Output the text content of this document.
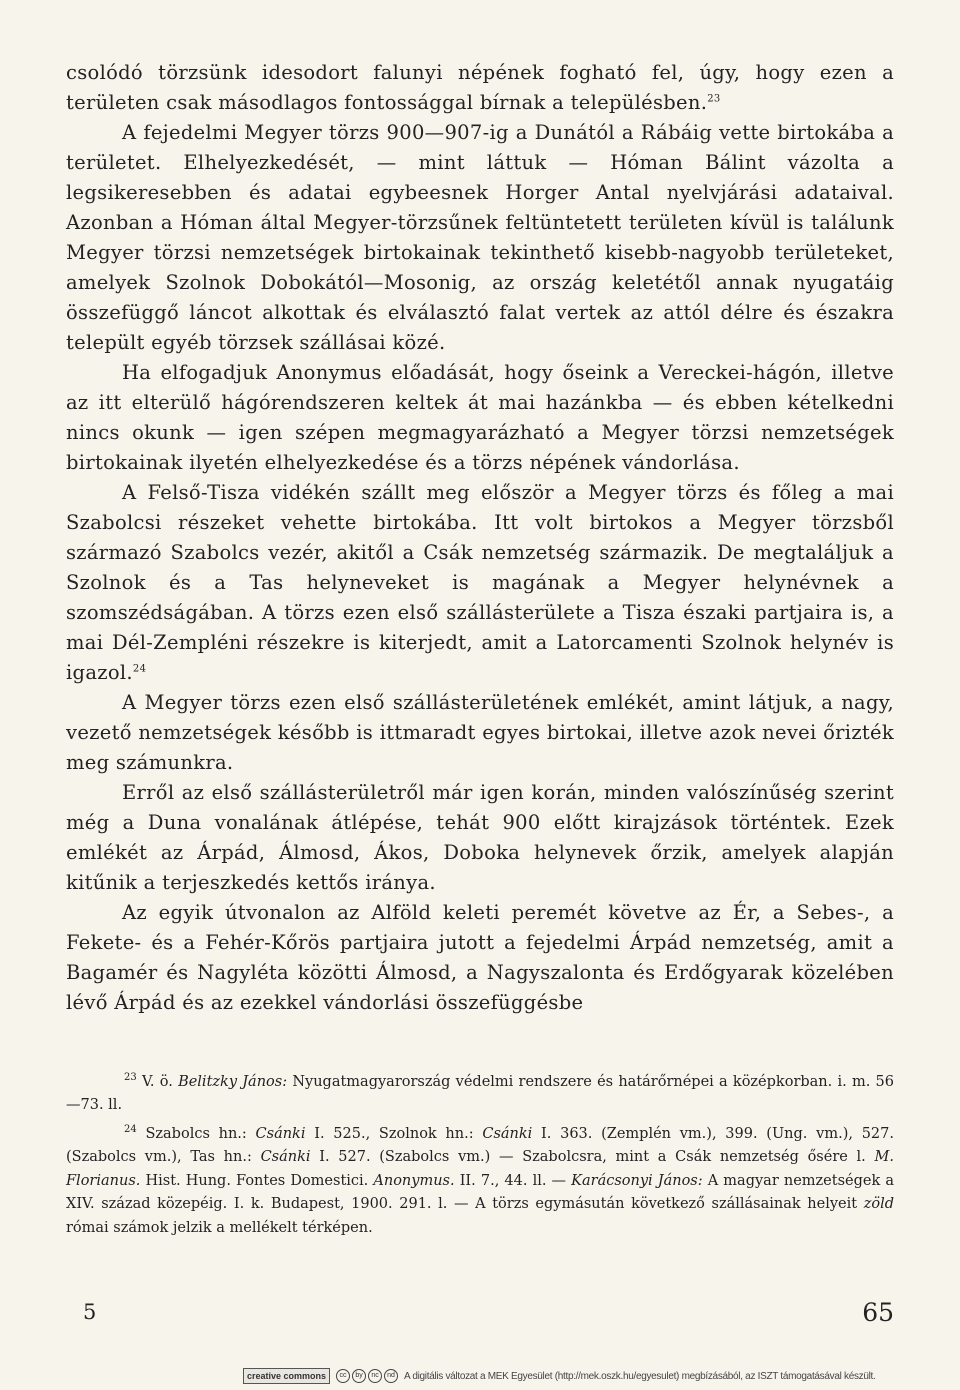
csolódó törzsünk idesodort falunyi népének fogható fel, úgy, hogy ezen a területen csak másodlagos fontossággal bírnak a településben.$^{23}$

A fejedelmi Megyer törzs 900—907-ig a Dunától a Rábáig vette birtokába a területet. Elhelyezkedését, — mint láttuk — Hóman Bálint vázolta a legsikeresebben és adatai egybeesnek Horger Antal nyelvjárási adataival. Azonban a Hóman által Megyer-törzsűnek feltüntetett területen kívül is találunk Megyer törzsi nemzetségek birtokainak tekinthető kisebb-nagyobb területeket, amelyek Szolnok Dobokától—Mosonig, az ország keletétől annak nyugatáig összefüggő láncot alkottak és elválasztó falat vertek az attól délre és északra települt egyéb törzsek szállásai közé.

Ha elfogadjuk Anonymus előadását, hogy őseink a Vereckei-hágón, illetve az itt elterülő hágórendszeren keltek át mai hazánkba — és ebben kételkedni nincs okunk — igen szépen megmagyarázható a Megyer törzsi nemzetségek birtokainak ilyetén elhelyezkedése és a törzs népének vándorlása.

A Felső-Tisza vidékén szállt meg először a Megyer törzs és főleg a mai Szabolcsi részeket vehette birtokába. Itt volt birtokos a Megyer törzsből származó Szabolcs vezér, akitől a Csák nemzetség származik. De megtaláljuk a Szolnok és a Tas helyneveket is magának a Megyer helynévnek a szomszédságában. A törzs ezen első szállásterülete a Tisza északi partjaira is, a mai Dél-Zempléni részekre is kiterjedt, amit a Latorcamenti Szolnok helynév is igazol.$^{24}$

A Megyer törzs ezen első szállásterületének emlékét, amint látjuk, a nagy, vezető nemzetségek később is ittmaradt egyes birtokai, illetve azok nevei őrizték meg számunkra.

Erről az első szállásterületről már igen korán, minden valószínűség szerint még a Duna vonalának átlépése, tehát 900 előtt kirajzások történtek. Ezek emlékét az Árpád, Álmosd, Ákos, Doboka helynevek őrzik, amelyek alapján kitűnik a terjeszkedés kettős iránya.

Az egyik útvonalon az Alföld keleti peremét követve az Ér, a Sebes-, a Fekete- és a Fehér-Kőrös partjaira jutott a fejedelmi Árpád nemzetség, amit a Bagamér és Nagyléta közötti Álmosd, a Nagyszalonta és Erdőgyarak közelében lévő Árpád és az ezekkel vándorlási összefüggésbe

$^{23}$ V. ö. Belitzky János: Nyugatmagyarország védelmi rendszere és határőrnépei a középkorban. i. m. 56—73. ll.

$^{24}$ Szabolcs hn.: Csánki I. 525., Szolnok hn.: Csánki I. 363. (Zemplén vm.), 399. (Ung. vm.), 527. (Szabolcs vm.), Tas hn.: Csánki I. 527. (Szabolcs vm.) — Szabolcsra, mint a Csák nemzetség ősére l. M. Florianus. Hist. Hung. Fontes Domestici. Anonymus. II. 7., 44. ll. — Karácsonyi János: A magyar nemzetségek a XIV. század közepéig. I. k. Budapest, 1900. 291. l. — A törzs egymásután következő szállásainak helyeit zöld római számok jelzik a mellékelt térképen.

5	65
creative commons	cc	by	nc	nd A digitális változat a MEK Egyesület (http://mek.oszk.hu/egyesulet) megbízásából, az ISZT támogatásával készült.
